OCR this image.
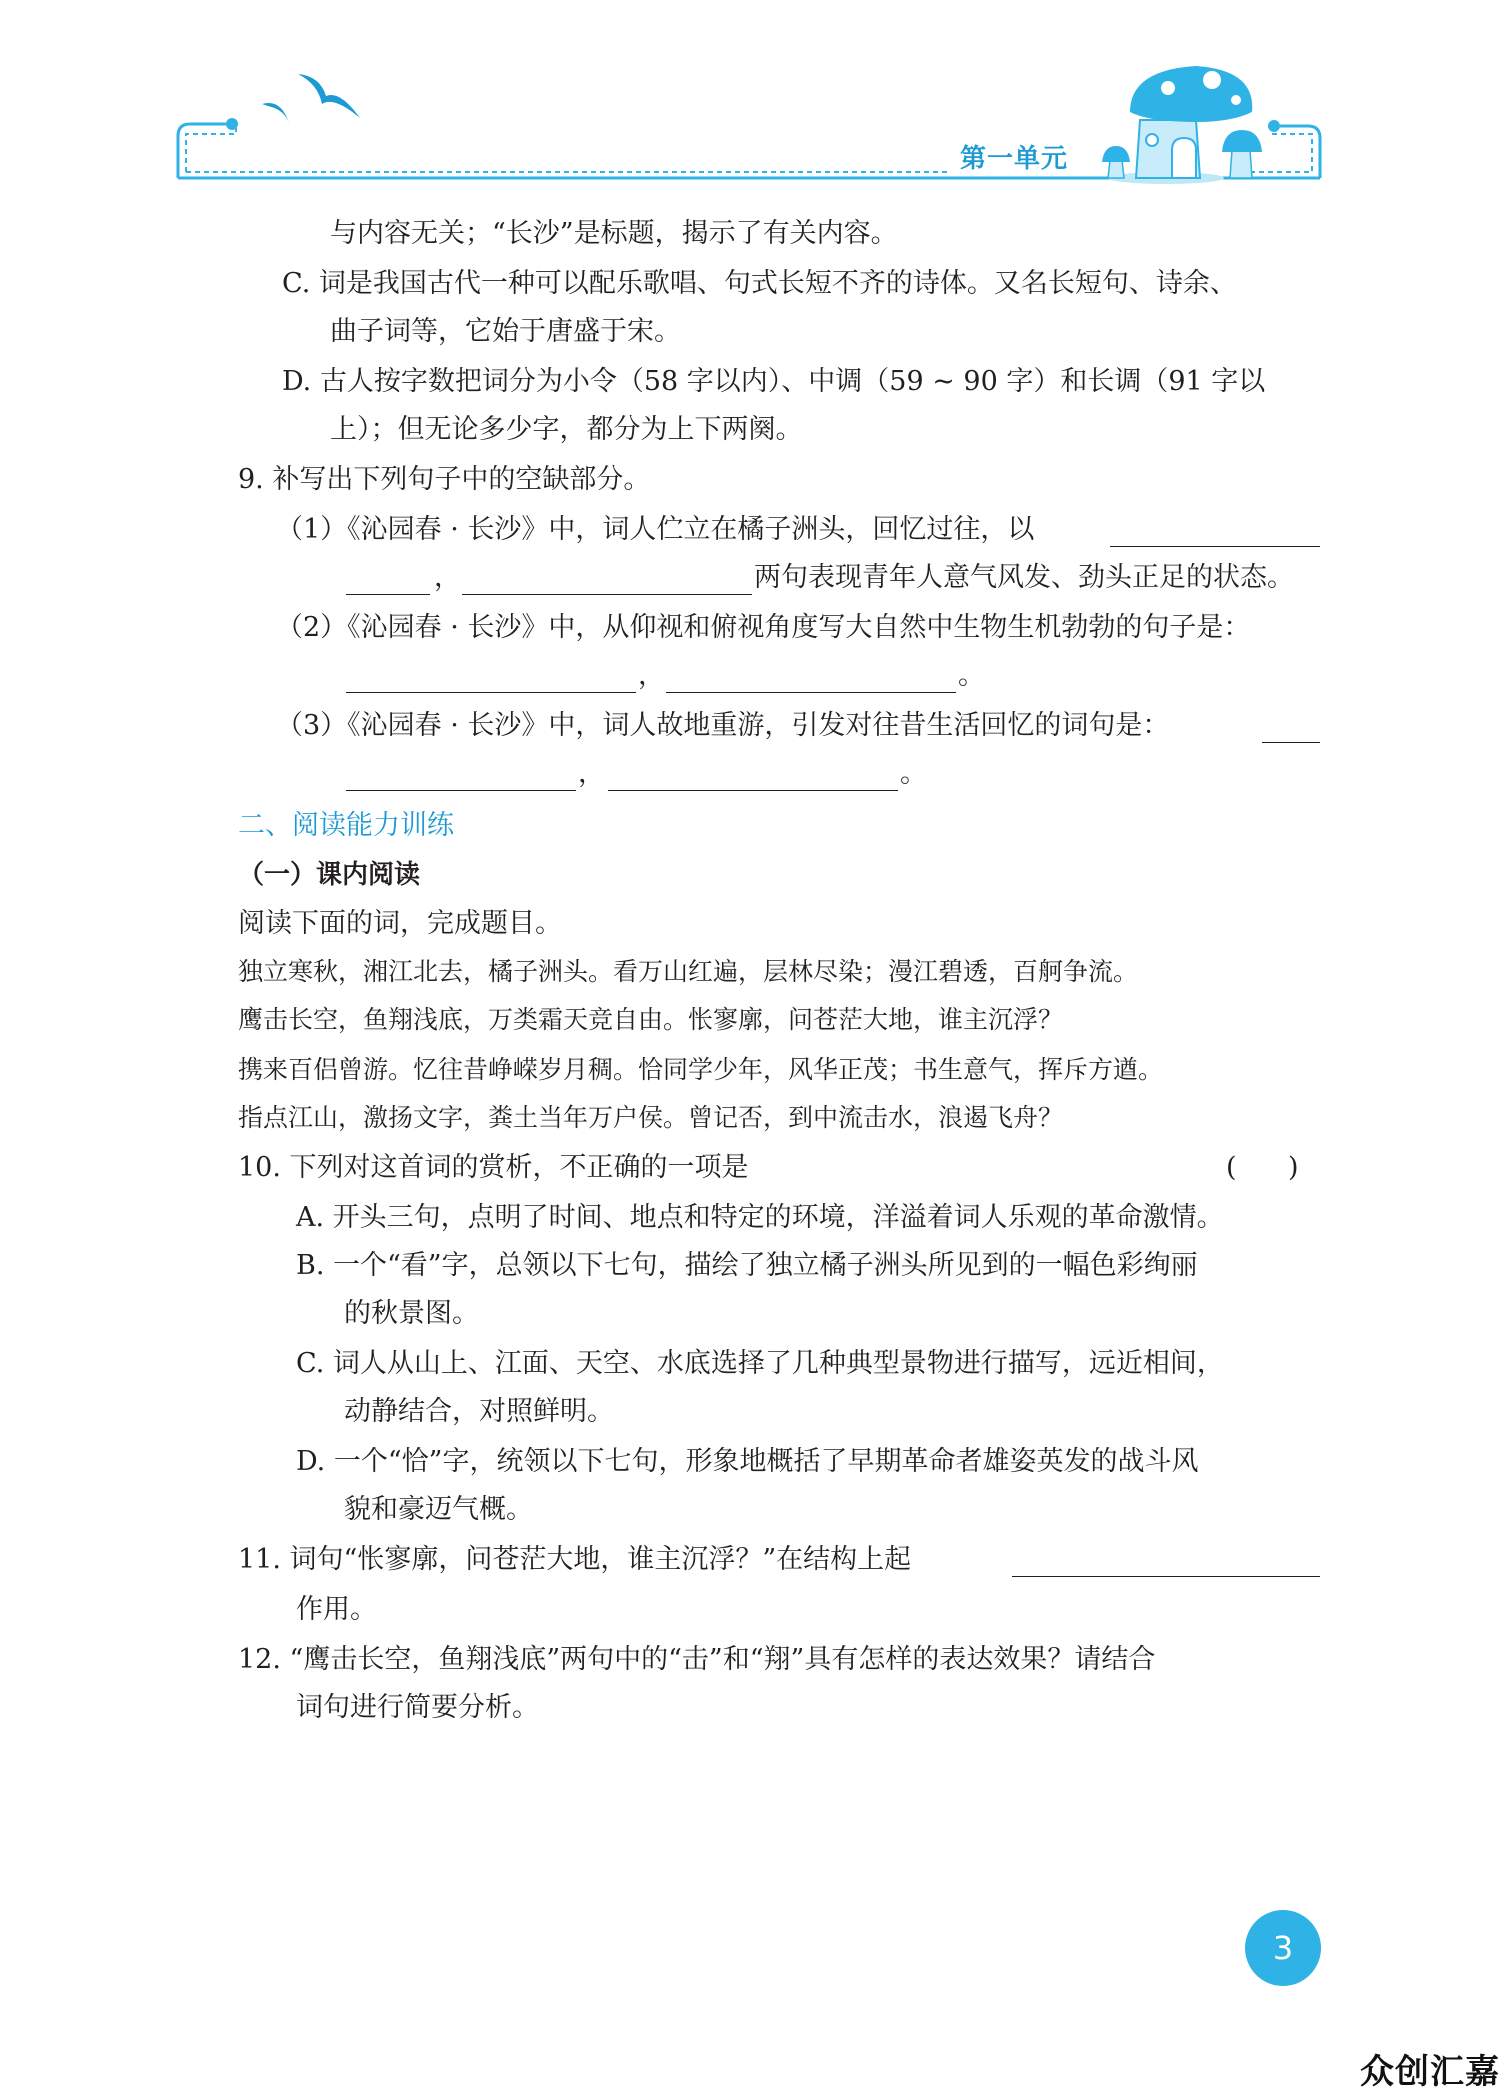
第一单元
与内容无关；“长沙”是标题，揭示了有关内容。
C. 词是我国古代一种可以配乐歌唱、句式长短不齐的诗体。又名长短句、诗余、
曲子词等，它始于唐盛于宋。
D. 古人按字数把词分为小令（58 字以内）、中调（59 ~ 90 字）和长调（91 字以
上）；但无论多少字，都分为上下两阕。
9. 补写出下列句子中的空缺部分。
（1）《沁园春 · 长沙》中，词人伫立在橘子洲头，回忆过往，以
，	两句表现青年人意气风发、劲头正足的状态。
（2）《沁园春 · 长沙》中，从仰视和俯视角度写大自然中生物生机勃勃的句子是：
，	。
（3）《沁园春 · 长沙》中，词人故地重游，引发对往昔生活回忆的词句是：
，	。
二、阅读能力训练
（一）课内阅读
阅读下面的词，完成题目。
独立寒秋，湘江北去，橘子洲头。看万山红遍，层林尽染；漫江碧透，百舸争流。
鹰击长空，鱼翔浅底，万类霜天竞自由。怅寥廓，问苍茫大地，谁主沉浮？
携来百侣曾游。忆往昔峥嵘岁月稠。恰同学少年，风华正茂；书生意气，挥斥方遒。
指点江山，激扬文字，粪土当年万户侯。曾记否，到中流击水，浪遏飞舟？
10. 下列对这首词的赏析，不正确的一项是	(      )
A. 开头三句，点明了时间、地点和特定的环境，洋溢着词人乐观的革命激情。
B. 一个“看”字，总领以下七句，描绘了独立橘子洲头所见到的一幅色彩绚丽
的秋景图。
C. 词人从山上、江面、天空、水底选择了几种典型景物进行描写，远近相间，
动静结合，对照鲜明。
D. 一个“恰”字，统领以下七句，形象地概括了早期革命者雄姿英发的战斗风
貌和豪迈气概。
11. 词句“怅寥廓，问苍茫大地，谁主沉浮？”在结构上起
作用。
12. “鹰击长空，鱼翔浅底”两句中的“击”和“翔”具有怎样的表达效果？请结合
词句进行简要分析。
3
众创汇嘉
